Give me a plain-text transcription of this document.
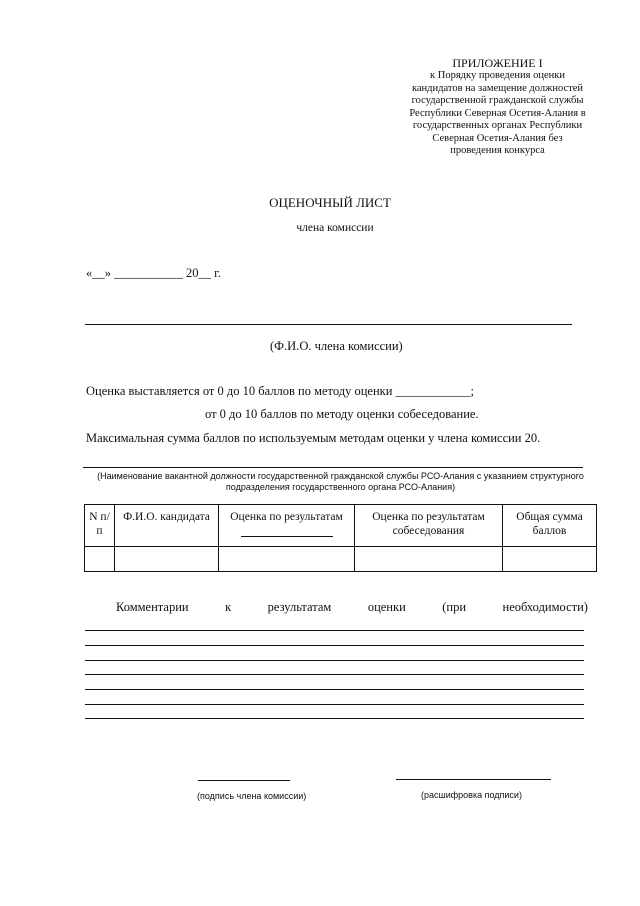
ПРИЛОЖЕНИЕ I
к Порядку проведения оценки
кандидатов на замещение должностей
государственной гражданской службы
Республики Северная Осетия-Алания в
государственных органах Республики
Северная Осетия-Алания без
проведения конкурса
ОЦЕНОЧНЫЙ ЛИСТ
члена комиссии
«__» ___________ 20__ г.
(Ф.И.О. члена комиссии)
Оценка выставляется от 0 до 10 баллов по методу оценки ____________;
от 0 до 10 баллов по методу оценки собеседование.
Максимальная сумма баллов по используемым методам оценки у члена комиссии 20.
(Наименование вакантной должности государственной гражданской службы РСО-Алания с указанием структурного подразделения государственного органа РСО-Алания)
N п/п	Ф.И.О. кандидата	Оценка по результатам	Оценка по результатам собеседования	Общая сумма баллов

Комментарии	к	результатам	оценки	(при	необходимости)
(подпись члена комиссии)	(расшифровка подписи)
